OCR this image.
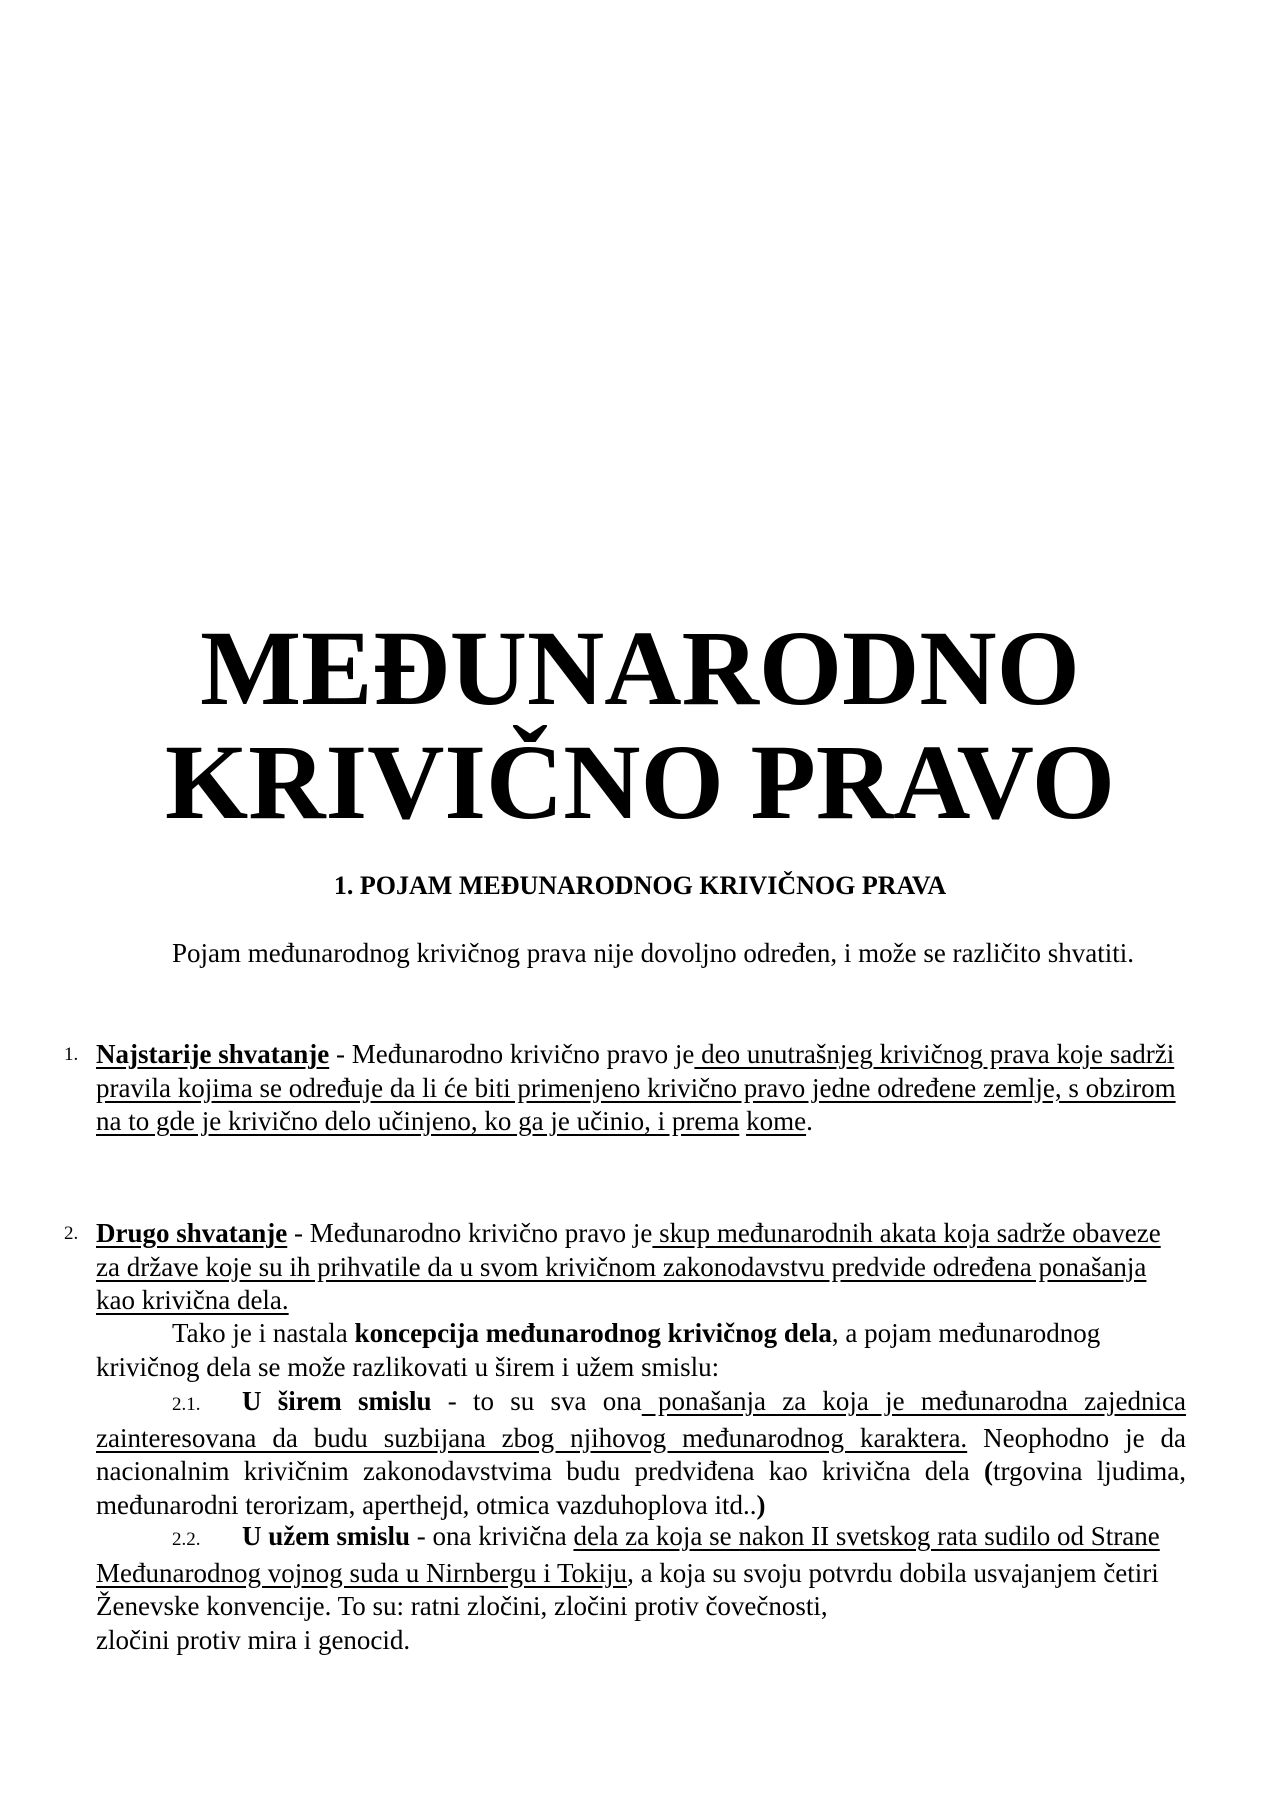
MEĐUNARODNO
KRIVIČNO PRAVO
1. POJAM MEĐUNARODNOG KRIVIČNOG PRAVA

Pojam međunarodnog krivičnog prava nije dovoljno određen, i može se različito shvatiti.

1. Najstarije shvatanje - Međunarodno krivično pravo je deo unutrašnjeg krivičnog prava koje sadrži pravila kojima se određuje da li će biti primenjeno krivično pravo jedne određene zemlje, s obzirom na to gde je krivično delo učinjeno, ko ga je učinio, i prema kome.

2. Drugo shvatanje - Međunarodno krivično pravo je skup međunarodnih akata koja sadrže obaveze za države koje su ih prihvatile da u svom krivičnom zakonodavstvu predvide određena ponašanja kao krivična dela.

Tako je i nastala koncepcija međunarodnog krivičnog dela, a pojam međunarodnog krivičnog dela se može razlikovati u širem i užem smislu:

2.1. U širem smislu - to su sva ona ponašanja za koja je međunarodna zajednica zainteresovana da budu suzbijana zbog njihovog međunarodnog karaktera. Neophodno je da nacionalnim krivičnim zakonodavstvima budu predviđena kao krivična dela (trgovina ljudima, međunarodni terorizam, aperthejd, otmica vazduhoplova itd..)

2.2. U užem smislu - ona krivična dela za koja se nakon II svetskog rata sudilo od Strane Međunarodnog vojnog suda u Nirnbergu i Tokiju, a koja su svoju potvrdu dobila usvajanjem četiri Ženevske konvencije. To su: ratni zločini, zločini protiv čovečnosti,
zločini protiv mira i genocid.
